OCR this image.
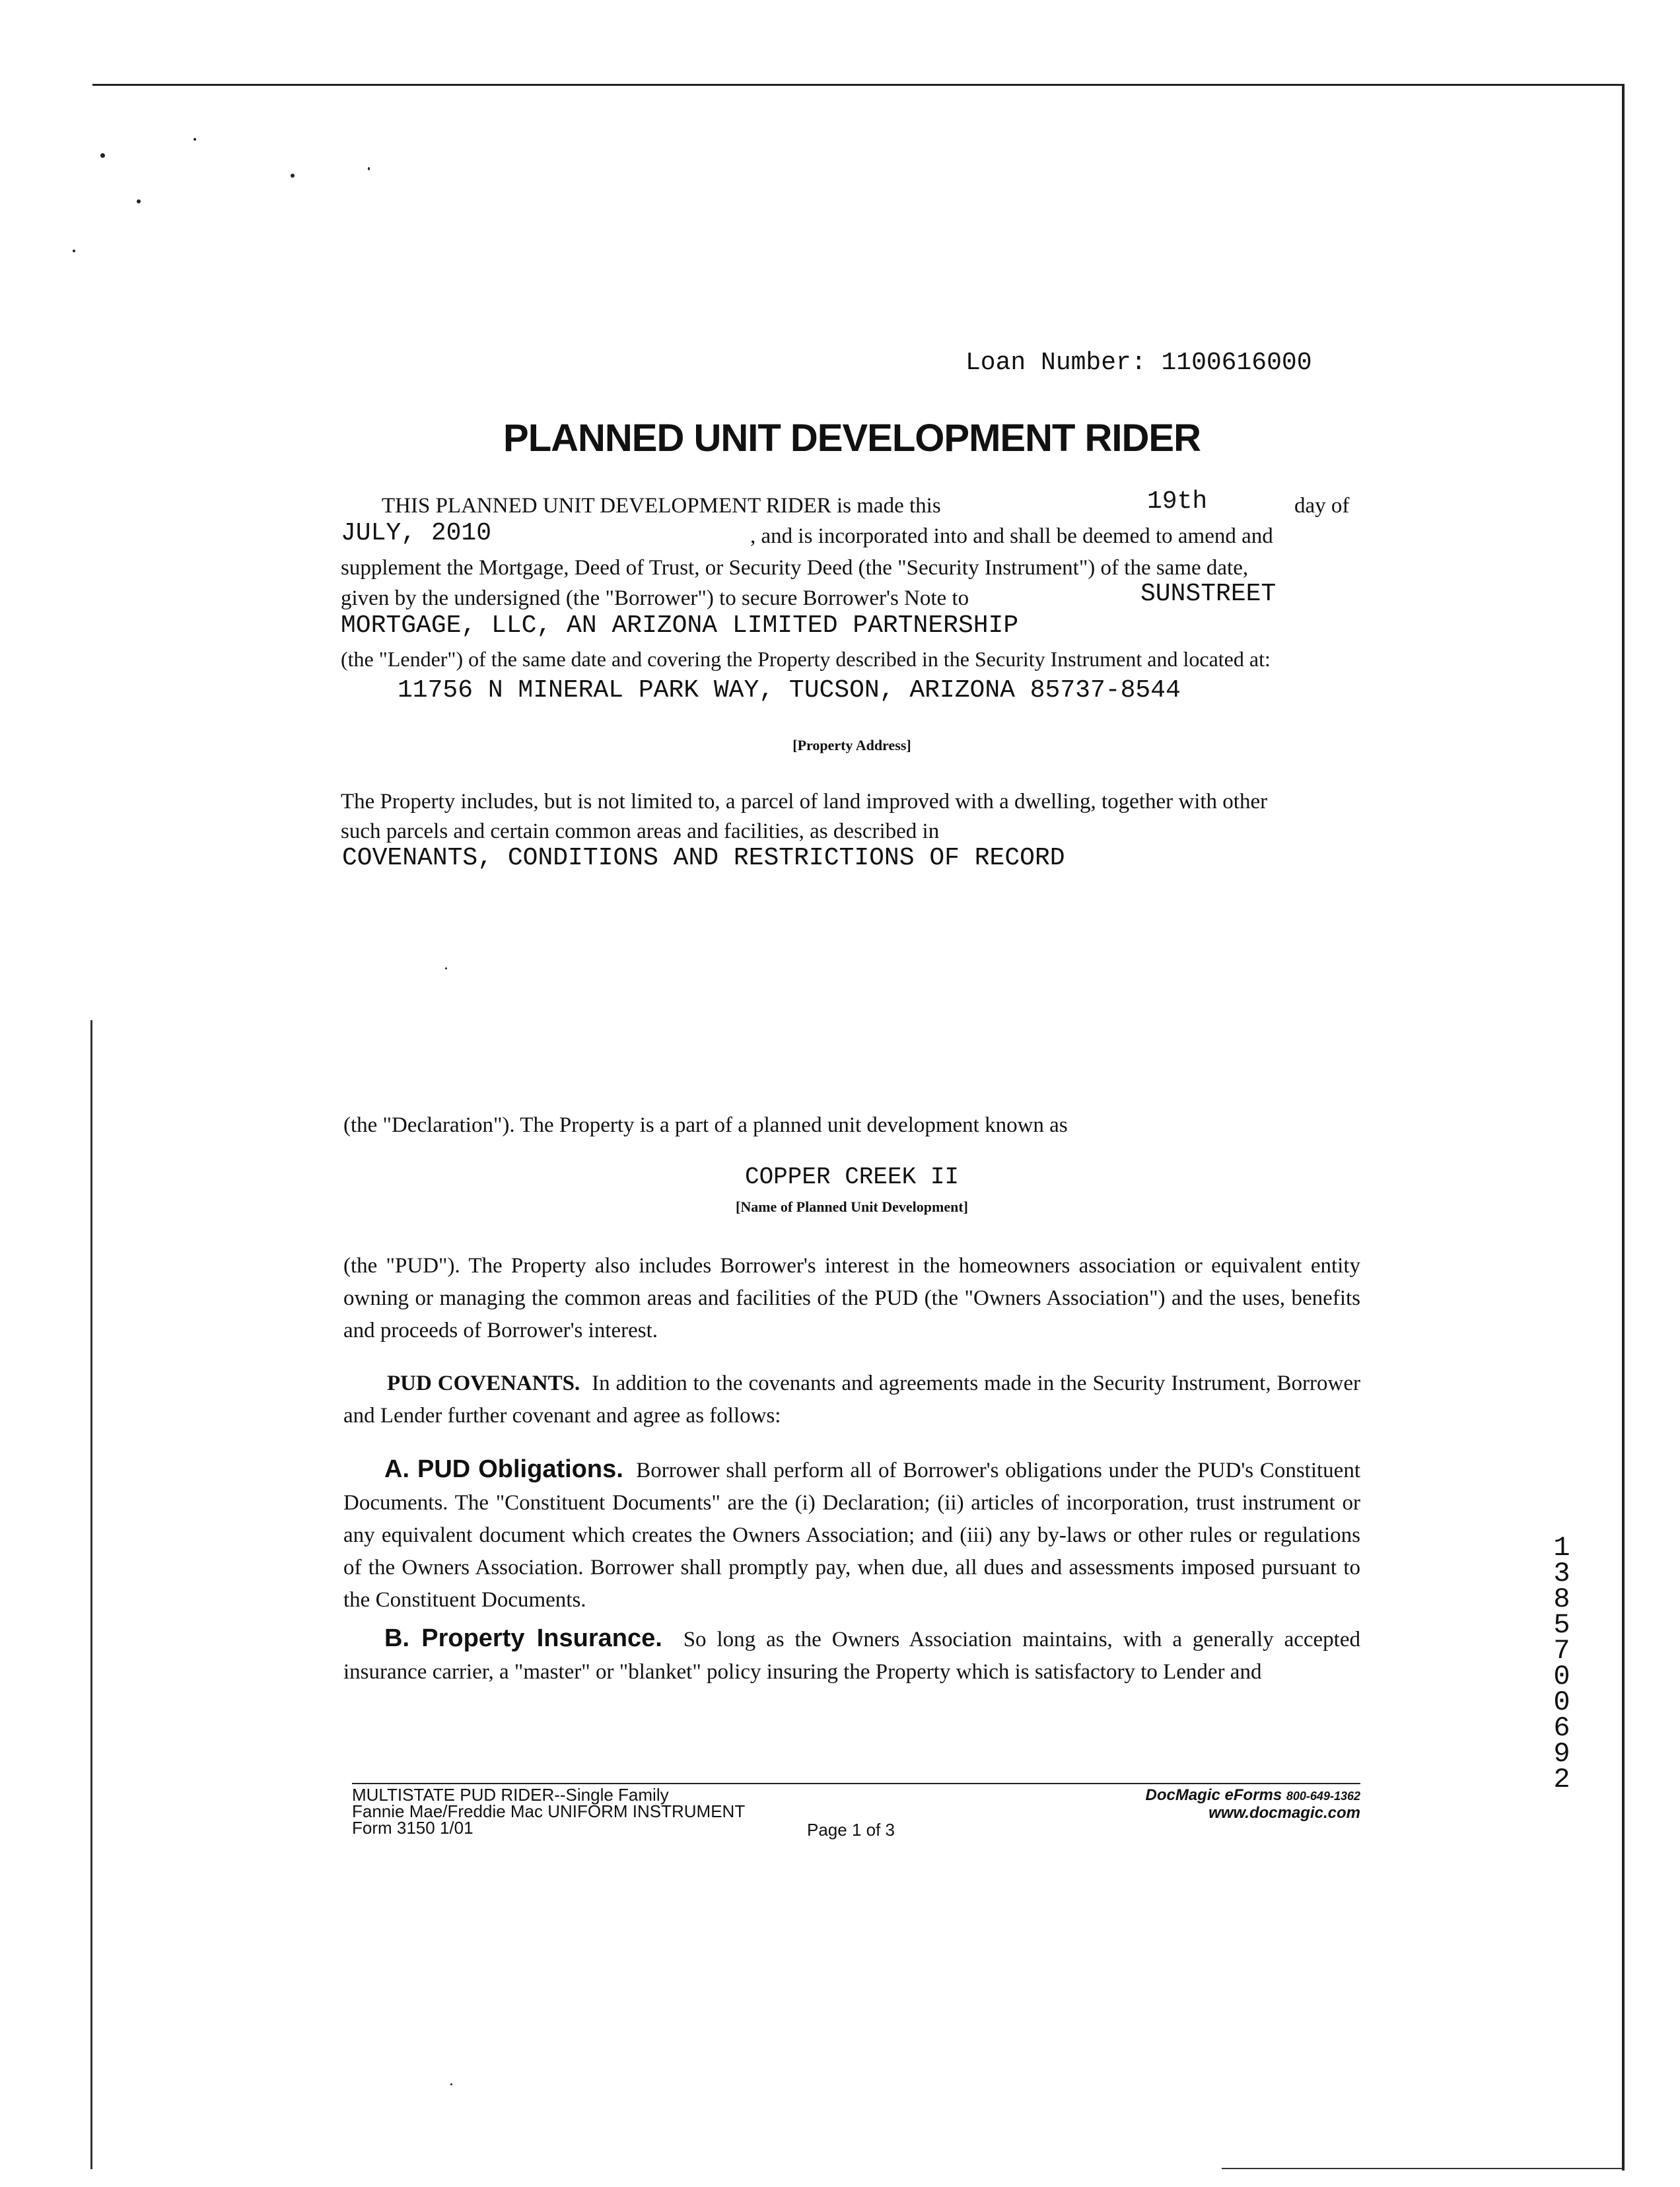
Loan Number: 1100616000
PLANNED UNIT DEVELOPMENT RIDER
THIS PLANNED UNIT DEVELOPMENT RIDER is made this	19th	day of
JULY, 2010	, and is incorporated into and shall be deemed to amend and
supplement the Mortgage, Deed of Trust, or Security Deed (the "Security Instrument") of the same date,
given by the undersigned (the "Borrower") to secure Borrower's Note to	SUNSTREET
MORTGAGE, LLC, AN ARIZONA LIMITED PARTNERSHIP
(the "Lender") of the same date and covering the Property described in the Security Instrument and located at:
11756 N MINERAL PARK WAY, TUCSON, ARIZONA 85737-8544
[Property Address]
The Property includes, but is not limited to, a parcel of land improved with a dwelling, together with other
such parcels and certain common areas and facilities, as described in
COVENANTS, CONDITIONS AND RESTRICTIONS OF RECORD
(the "Declaration"). The Property is a part of a planned unit development known as
COPPER CREEK II
[Name of Planned Unit Development]

(the "PUD"). The Property also includes Borrower's interest in the homeowners association or equivalent entity owning or managing the common areas and facilities of the PUD (the "Owners Association") and the uses, benefits and proceeds of Borrower's interest.

PUD COVENANTS. In addition to the covenants and agreements made in the Security Instrument, Borrower and Lender further covenant and agree as follows:

A. PUD Obligations. Borrower shall perform all of Borrower's obligations under the PUD's Constituent Documents. The "Constituent Documents" are the (i) Declaration; (ii) articles of incorporation, trust instrument or any equivalent document which creates the Owners Association; and (iii) any by-laws or other rules or regulations of the Owners Association. Borrower shall promptly pay, when due, all dues and assessments imposed pursuant to the Constituent Documents.

B. Property Insurance. So long as the Owners Association maintains, with a generally accepted insurance carrier, a "master" or "blanket" policy insuring the Property which is satisfactory to Lender and

1385700692
MULTISTATE PUD RIDER--Single Family
Fannie Mae/Freddie Mac UNIFORM INSTRUMENT
Form 3150 1/01	Page 1 of 3
DocMagic eForms 800-649-1362
www.docmagic.com
